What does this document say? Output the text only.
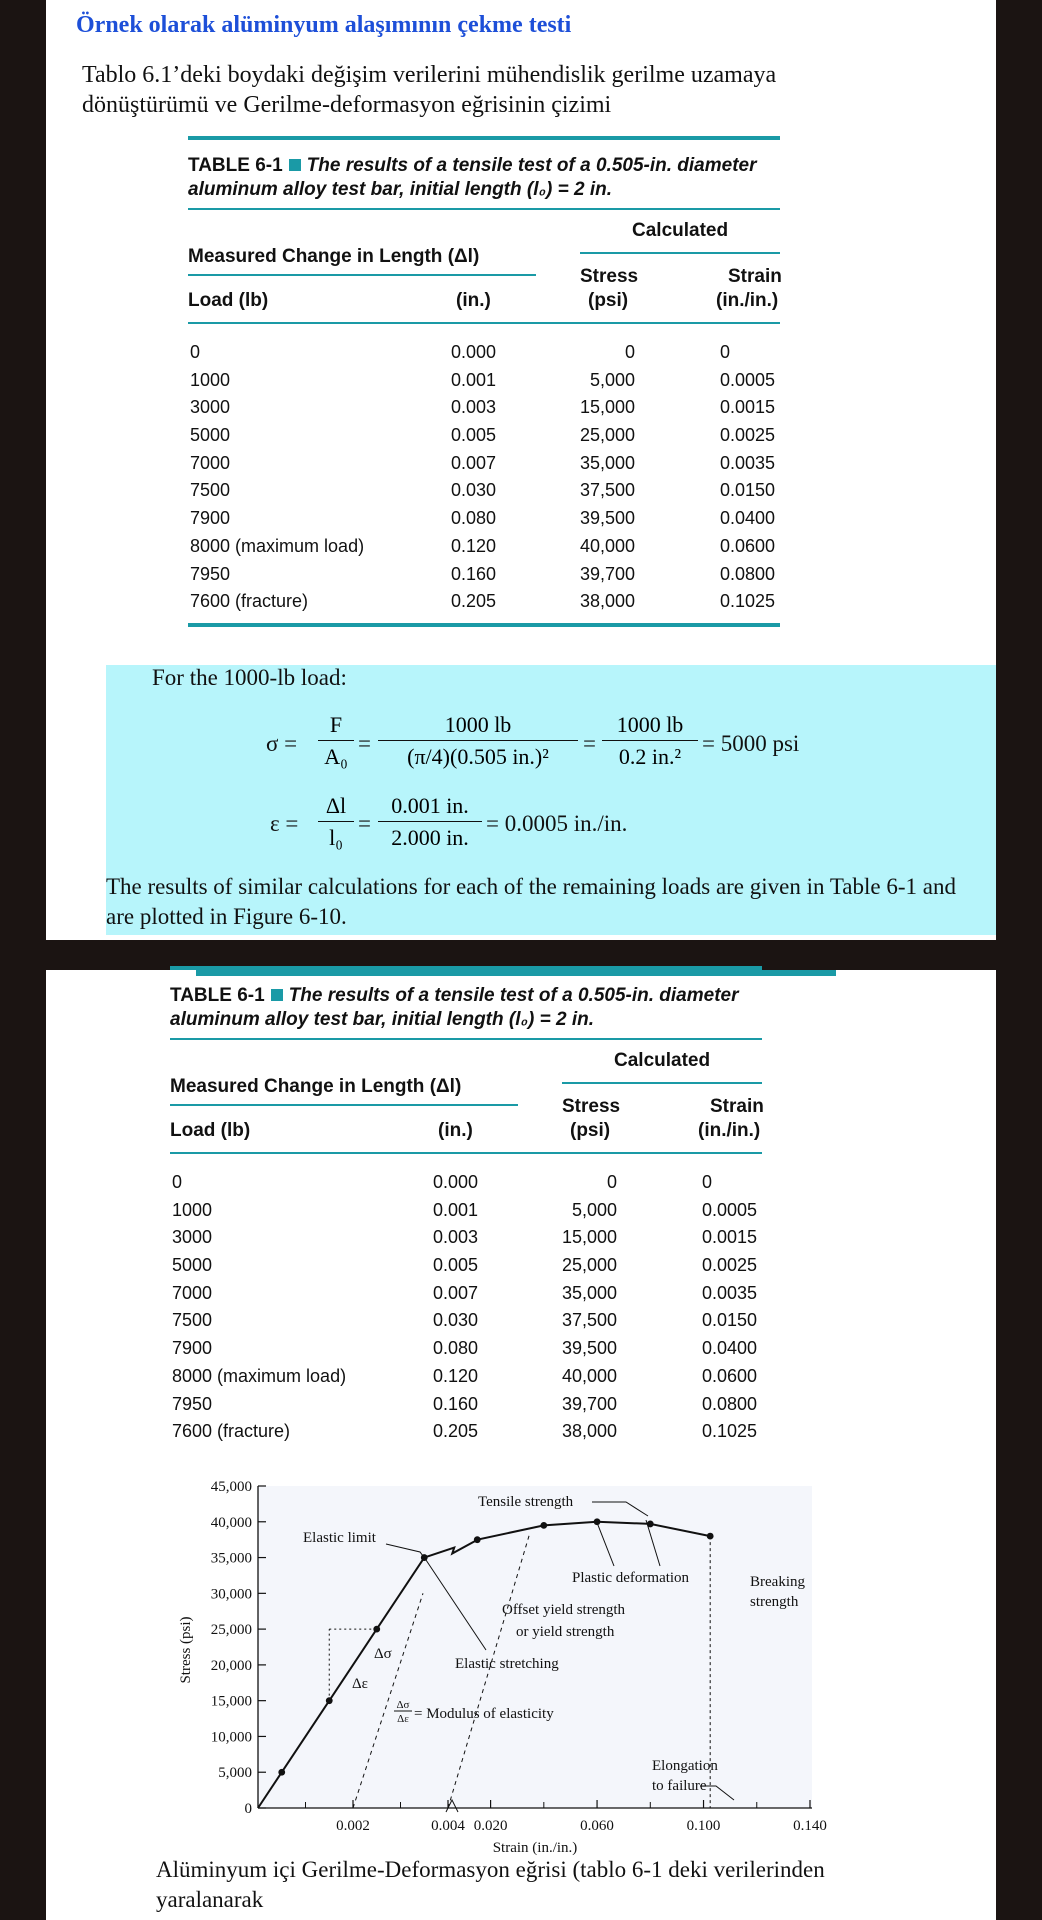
Örnek olarak alüminyum alaşımının çekme testi
Tablo 6.1’deki boydaki değişim verilerini mühendislik gerilme uzamaya dönüştürümü ve Gerilme-deformasyon eğrisinin çizimi
TABLE 6-1 The results of a tensile test of a 0.505-in. diameter aluminum alloy test bar, initial length (l₀) = 2 in.
Calculated
Measured Change in Length (Δl)
Stress
(psi)
Strain
(in./in.)
Load (lb)	(in.)
0	0.000	0	0
1000	0.001	5,000	0.0005
3000	0.003	15,000	0.0015
5000	0.005	25,000	0.0025
7000	0.007	35,000	0.0035
7500	0.030	37,500	0.0150
7900	0.080	39,500	0.0400
8000 (maximum load)	0.120	40,000	0.0600
7950	0.160	39,700	0.0800
7600 (fracture)	0.205	38,000	0.1025
For the 1000-lb load:
$\sigma = \frac{F}{\text{A₀}} = \frac{1000 lb}{\text{(π/4)(0.505 in.)²}} = \frac{1000 lb}{\text{0.2 in.²}} = 5000$ psi
$\varepsilon = \frac{\Delta l}{\text{l₀}} = \frac{0.001 in.}{2.000 in.} = 0.0005$ in./in.
The results of similar calculations for each of the remaining loads are given in Table 6-1 and are plotted in Figure 6-10.
TABLE 6-1 The results of a tensile test of a 0.505-in. diameter aluminum alloy test bar, initial length (l₀) = 2 in.
Calculated
Measured Change in Length (Δl)
Stress
(psi)
Strain
(in./in.)
Load (lb)	(in.)
0	0.000	0	0
1000	0.001	5,000	0.0005
3000	0.003	15,000	0.0015
5000	0.005	25,000	0.0025
7000	0.007	35,000	0.0035
7500	0.030	37,500	0.0150
7900	0.080	39,500	0.0400
8000 (maximum load)	0.120	40,000	0.0600
7950	0.160	39,700	0.0800
7600 (fracture)	0.205	38,000	0.1025
0
5,000
10,000
15,000
20,000
25,000
30,000
35,000
40,000
45,000
0.002	0.004 0.020	0.060	0.100	0.140
Strain (in./in.)
Stress (psi)
Tensile strength
Elastic limit
Plastic deformation	Breaking
strength
Offset yield strength
or yield strength
Elastic stretching
Δσ
Δε
Δσ
Δε = Modulus of elasticity
Elongation
to failure
Alüminyum içi Gerilme-Deformasyon eğrisi (tablo 6-1 deki verilerinden yaralanarak
